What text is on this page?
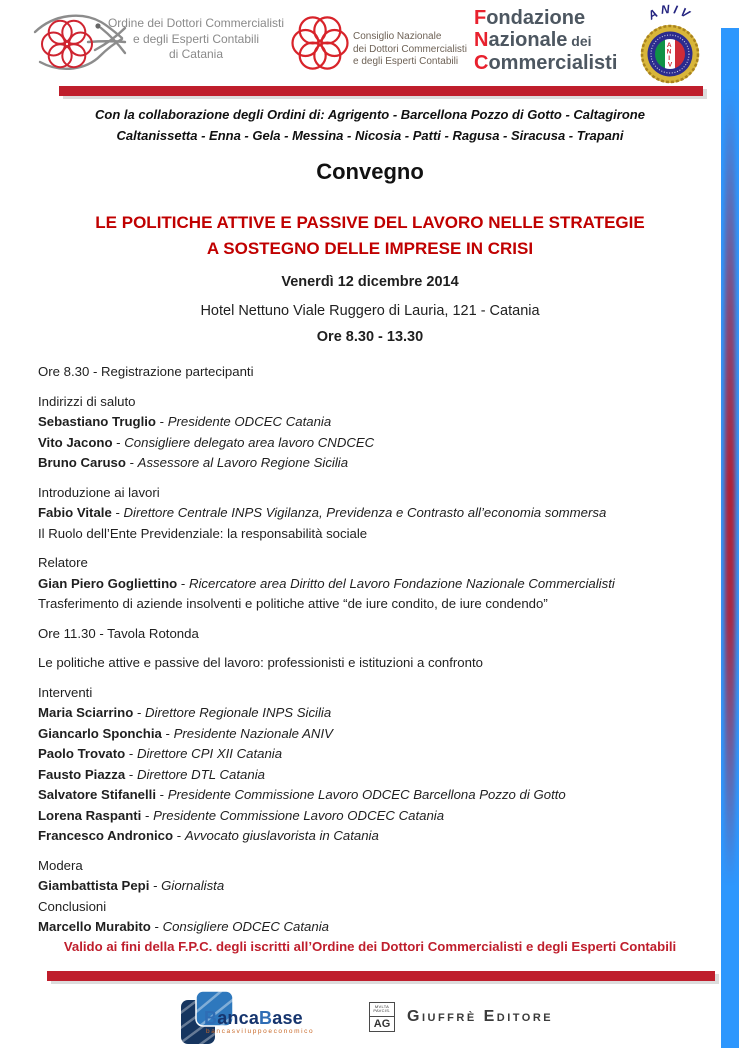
Ordine dei Dottori Commercialisti
e degli Esperti Contabili
di Catania
Consiglio Nazionale
dei Dottori Commercialisti
e degli Esperti Contabili
Fondazione
Nazionale dei
Commercialisti
ANIV
A N I V
Con la collaborazione degli Ordini di: Agrigento - Barcellona Pozzo di Gotto - Caltagirone
Caltanissetta - Enna - Gela - Messina - Nicosia - Patti - Ragusa - Siracusa - Trapani
Convegno
LE POLITICHE ATTIVE E PASSIVE DEL LAVORO NELLE STRATEGIE
A SOSTEGNO DELLE IMPRESE IN CRISI
Venerdì 12 dicembre 2014
Hotel Nettuno Viale Ruggero di Lauria, 121 - Catania
Ore 8.30 - 13.30
Ore 8.30 - Registrazione partecipanti
Indirizzi di saluto
Sebastiano Truglio - Presidente ODCEC Catania
Vito Jacono - Consigliere delegato area lavoro CNDCEC
Bruno Caruso - Assessore al Lavoro Regione Sicilia
Introduzione ai lavori
Fabio Vitale - Direttore Centrale INPS Vigilanza, Previdenza e Contrasto all’economia sommersa
Il Ruolo dell’Ente Previdenziale: la responsabilità sociale
Relatore
Gian Piero Gogliettino - Ricercatore area Diritto del Lavoro Fondazione Nazionale Commercialisti
Trasferimento di aziende insolventi e politiche attive “de iure condito, de iure condendo”
Ore 11.30 - Tavola Rotonda
Le politiche attive e passive del lavoro: professionisti e istituzioni a confronto
Interventi
Maria Sciarrino - Direttore Regionale INPS Sicilia
Giancarlo Sponchia - Presidente Nazionale ANIV
Paolo Trovato - Direttore CPI XII Catania
Fausto Piazza - Direttore DTL Catania
Salvatore Stifanelli - Presidente Commissione Lavoro ODCEC Barcellona Pozzo di Gotto
Lorena Raspanti - Presidente Commissione Lavoro ODCEC Catania
Francesco Andronico - Avvocato giuslavorista in Catania
Modera
Giambattista Pepi - Giornalista
Conclusioni
Marcello Murabito - Consigliere ODCEC Catania
Valido ai fini della F.P.C. degli iscritti all’Ordine dei Dottori Commercialisti e degli Esperti Contabili
BancaBase
bancasviluppoeconomico
MVLTA
PAVCIS.
AG Giuffrè Editore
